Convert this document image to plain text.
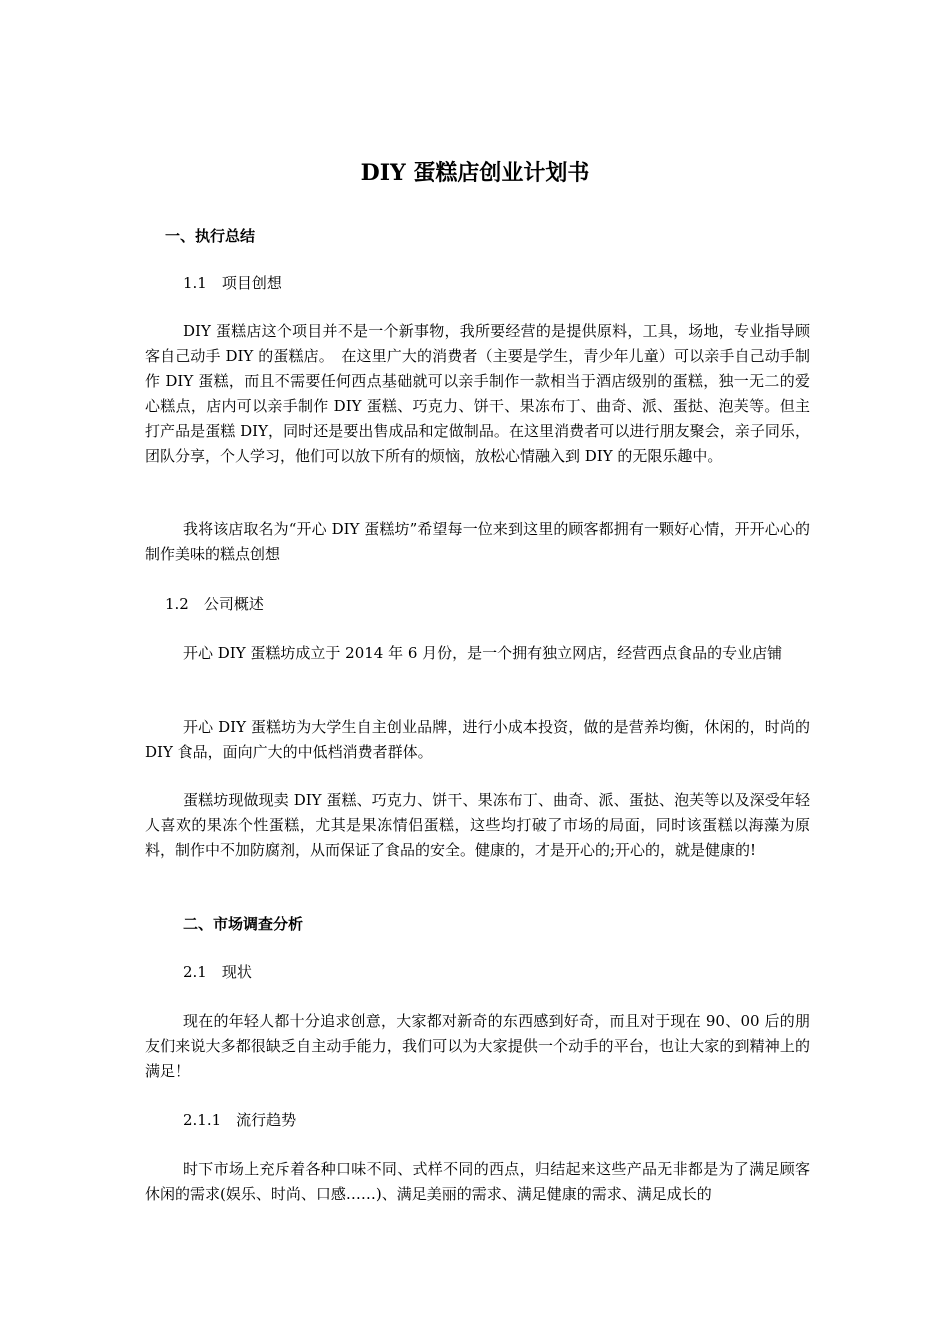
DIY 蛋糕店创业计划书

一、执行总结

1.1　项目创想

DIY 蛋糕店这个项目并不是一个新事物，我所要经营的是提供原料，工具，场地，专业指导顾客自己动手 DIY 的蛋糕店。　在这里广大的消费者（主要是学生，青少年儿童）可以亲手自己动手制作 DIY 蛋糕，而且不需要任何西点基础就可以亲手制作一款相当于酒店级别的蛋糕，独一无二的爱心糕点，店内可以亲手制作 DIY 蛋糕、巧克力、饼干、果冻布丁、曲奇、派、蛋挞、泡芙等。但主打产品是蛋糕 DIY，同时还是要出售成品和定做制品。在这里消费者可以进行朋友聚会，亲子同乐，团队分享，个人学习，他们可以放下所有的烦恼，放松心情融入到 DIY 的无限乐趣中。

我将该店取名为“开心 DIY 蛋糕坊”希望每一位来到这里的顾客都拥有一颗好心情，开开心心的制作美味的糕点创想

1.2　公司概述

开心 DIY 蛋糕坊成立于 2014 年 6 月份，是一个拥有独立网店，经营西点食品的专业店铺

开心 DIY 蛋糕坊为大学生自主创业品牌，进行小成本投资，做的是营养均衡，休闲的，时尚的 DIY 食品，面向广大的中低档消费者群体。

蛋糕坊现做现卖 DIY 蛋糕、巧克力、饼干、果冻布丁、曲奇、派、蛋挞、泡芙等以及深受年轻人喜欢的果冻个性蛋糕，尤其是果冻情侣蛋糕，这些均打破了市场的局面，同时该蛋糕以海藻为原料，制作中不加防腐剂，从而保证了食品的安全。健康的，才是开心的;开心的，就是健康的!

二、市场调查分析

2.1　现状

现在的年轻人都十分追求创意，大家都对新奇的东西感到好奇，而且对于现在 90、00 后的朋友们来说大多都很缺乏自主动手能力，我们可以为大家提供一个动手的平台，也让大家的到精神上的满足！

2.1.1　流行趋势

时下市场上充斥着各种口味不同、式样不同的西点，归结起来这些产品无非都是为了满足顾客休闲的需求(娱乐、时尚、口感……)、满足美丽的需求、满足健康的需求、满足成长的
